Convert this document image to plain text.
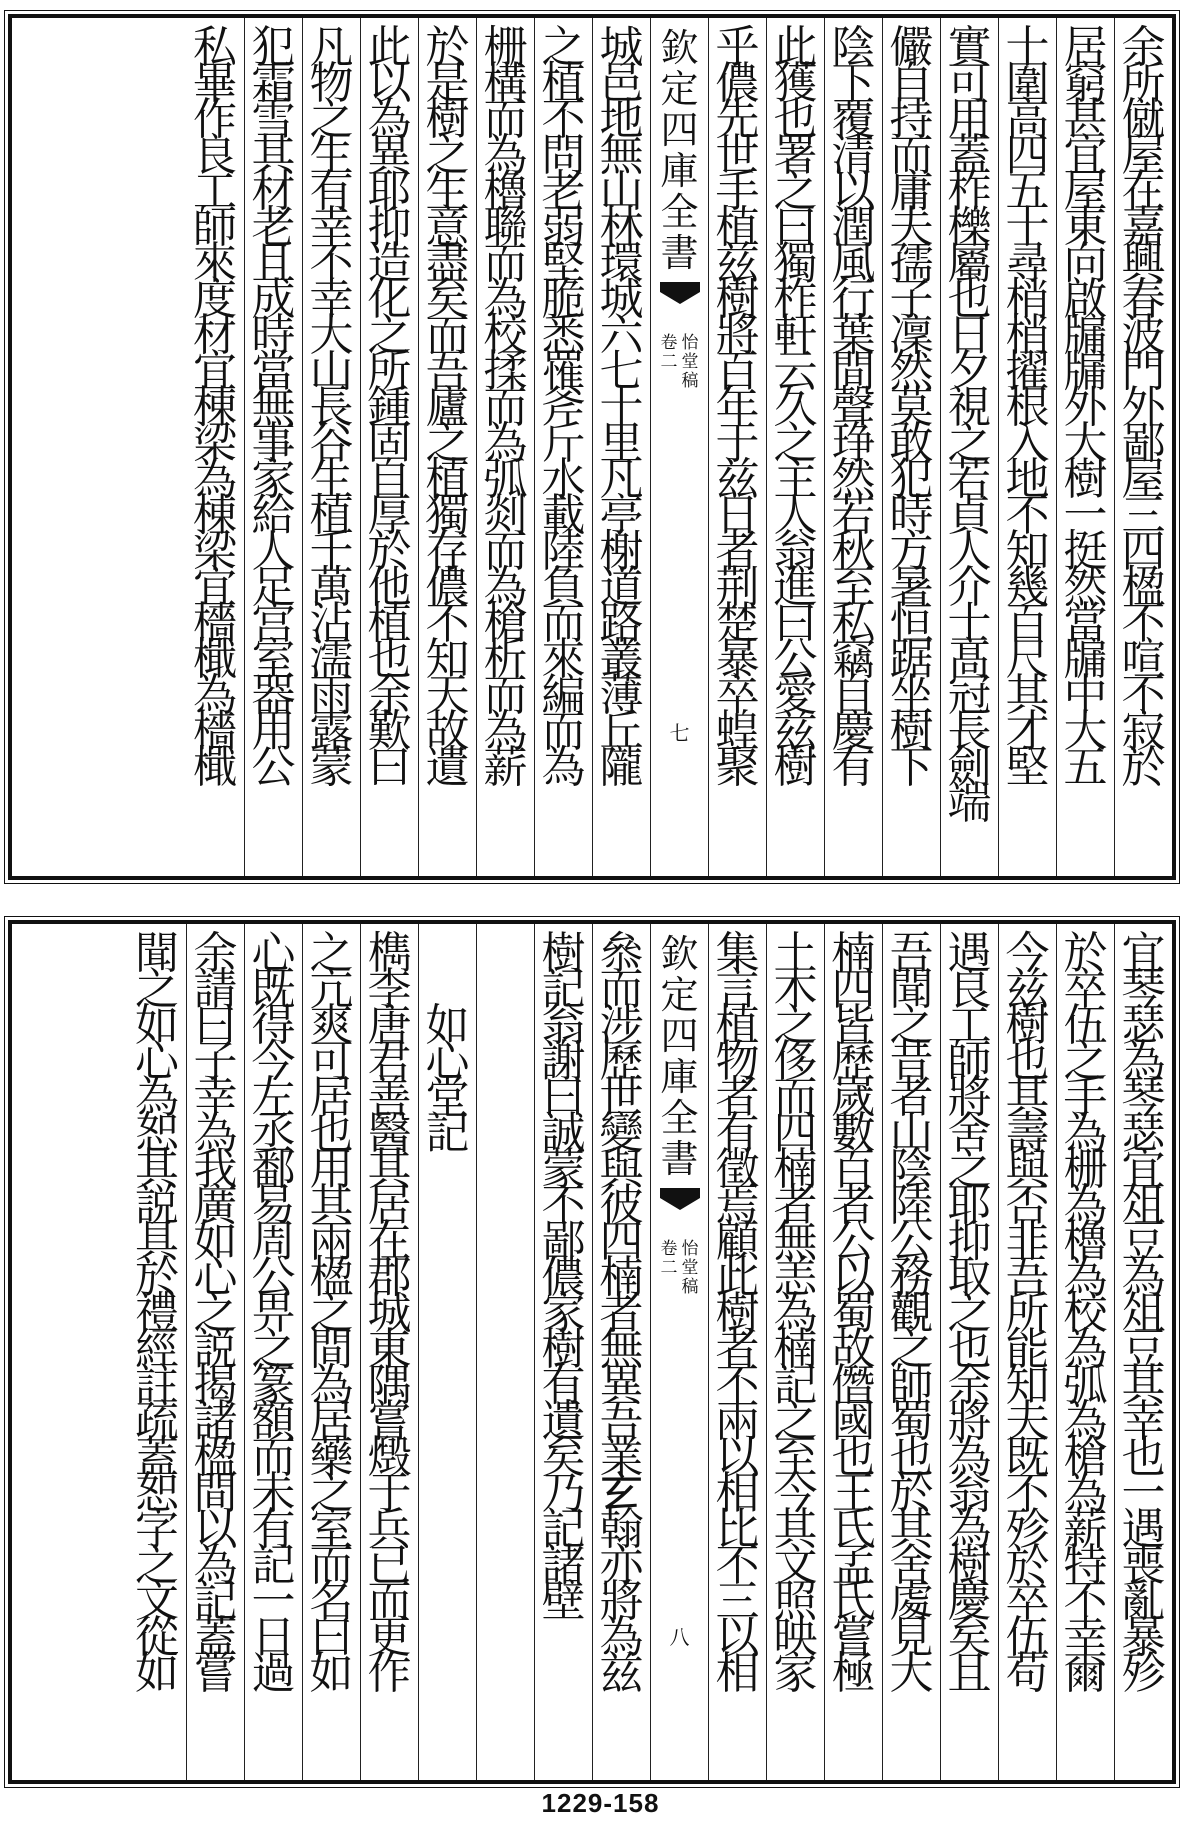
余
所
僦
屋
在
嘉
興
春
波
門
外
鄙
屋
三
四
楹
不
喧
不
寂
於
居
窮
甚
宜
屋
東
向
啟
牖
牖
外
大
樹
一
挺
然
當
牖
中
大
五
十
圍
高
四
五
十
尋
梢
梢
擢
根
入
地
不
知
幾
百
尺
其
才
堅
實
可
用
蓋
柞
櫟
屬
也
日
夕
視
之
若
貞
人
介
士
髙
冠
長
劍
端
儼
自
持
而
庸
夫
孺
子
凜
然
莫
敢
犯
時
方
暑
恒
踞
坐
樹
下
陰
下
覆
清
以
潤
風
行
葉
間
聲
琤
然
若
秋
至
私
竊
自
慶
有
此
獲
也
署
之
曰
獨
柞
軒
云
久
之
主
人
翁
進
曰
公
愛
兹
樹
乎
儂
先
世
手
植
兹
樹
將
百
年
于
兹
日
者
荆
楚
暴
卒
蝗
聚
欽
定
四
庫
全
書
怡
堂
稿
卷
二
七
城
邑
地
無
山
林
環
城
六
七
十
里
凡
亭
榭
道
路
叢
薄
丘
隴
之
植
不
問
老
弱
堅
脆
悉
罹
斧
斤
水
載
陸
負
而
來
編
而
為
栅
構
而
為
櫓
聯
而
為
校
揉
而
為
弧
剡
而
為
槍
析
而
為
薪
於
是
樹
之
生
意
盡
矣
而
吾
廬
之
植
獨
存
儂
不
知
天
故
遺
此
以
為
異
耶
抑
造
化
之
所
鍾
固
自
厚
於
他
植
也
余
歎
曰
凡
物
之
生
有
幸
不
幸
大
山
長
谷
生
植
千
萬
沾
濡
雨
露
蒙
犯
霜
雪
其
材
老
且
成
時
當
無
事
家
給
人
足
宫
室
器
用
公
私
畢
作
良
工
師
來
度
材
宜
棟
梁
為
棟
梁
宜
檣
檝
為
檣
檝
宜
琴
瑟
為
琴
瑟
宜
俎
豆
為
俎
豆
其
幸
也
一
遇
喪
亂
暴
殄
於
卒
伍
之
手
為
栅
為
櫓
為
校
為
弧
為
槍
為
薪
特
不
幸
爾
今
兹
樹
也
其
壽
與
否
非
吾
所
能
知
夫
既
不
殄
於
卒
伍
苟
遇
良
工
師
將
舍
之
耶
抑
取
之
也
余
將
為
翁
為
樹
慶
矣
且
吾
聞
之
昔
者
山
陰
陸
公
務
觀
之
帥
蜀
也
於
其
舍
䖏
見
大
楠
四
皆
歷
嵗
數
百
者
公
以
蜀
故
僭
國
也
王
氏
孟
氏
嘗
極
土
木
之
侈
而
四
楠
者
無
恙
為
楠
記
之
至
今
其
文
照
映
家
集
言
植
物
者
有
徵
焉
顧
此
樹
者
不
兩
以
相
比
不
三
以
相
欽
定
四
庫
全
書
怡
堂
稿
卷
二
八
叅
而
涉
歷
世
變
與
彼
四
楠
者
無
異
吾
業
𤣥
翰
亦
將
為
兹
樹
記
翁
謝
曰
誠
蒙
不
鄙
儂
家
樹
有
遺
矣
乃
記
諸
壁

如
心
堂
記
檇
李
唐
君
善
醫
其
居
在
郡
城
東
隅
嘗
燬
于
兵
已
而
更
作
之
亢
爽
可
居
也
用
其
兩
楹
之
間
為
居
藥
之
室
而
名
曰
如
心
既
得
今
左
丞
鄱
易
周
公
畀
之
篆
額
而
未
有
記
一
日
過
余
請
曰
子
幸
為
我
廣
如
心
之
説
揭
諸
楹
間
以
為
記
蓋
嘗
聞
之
如
心
為
恕
其
説
具
於
禮
經
註
疏
蓋
恕
字
之
文
從
如
1229-158
